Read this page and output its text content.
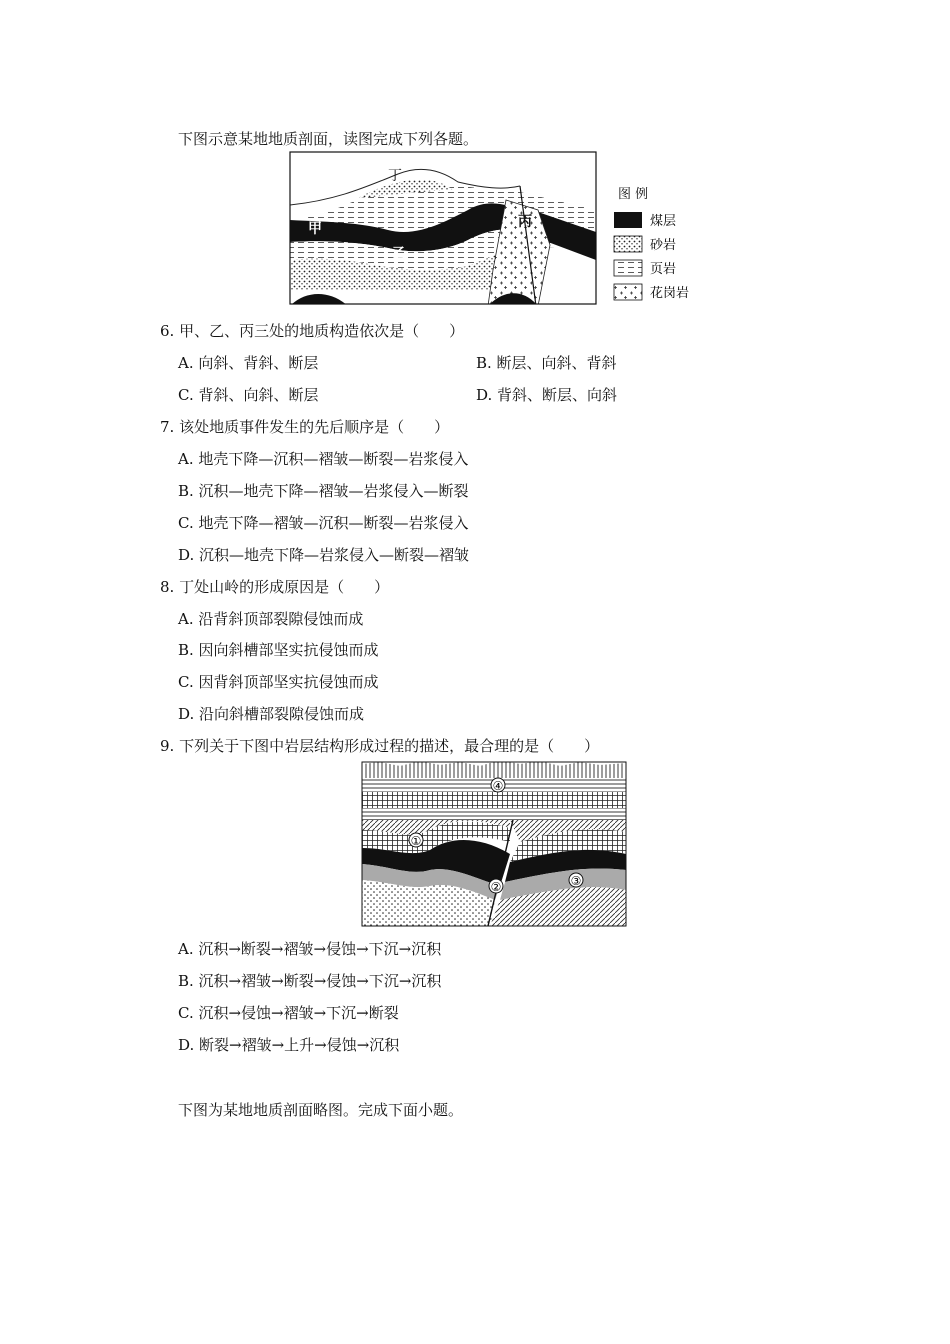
下图示意某地地质剖面，读图完成下列各题。
甲
乙
丙
丁
图 例
煤层
砂岩
页岩
花岗岩
6. 甲、乙、丙三处的地质构造依次是（　　）
A. 向斜、背斜、断层	B. 断层、向斜、背斜
C. 背斜、向斜、断层	D. 背斜、断层、向斜
7. 该处地质事件发生的先后顺序是（　　）
A. 地壳下降—沉积—褶皱—断裂—岩浆侵入
B. 沉积—地壳下降—褶皱—岩浆侵入—断裂
C. 地壳下降—褶皱—沉积—断裂—岩浆侵入
D. 沉积—地壳下降—岩浆侵入—断裂—褶皱
8. 丁处山岭的形成原因是（　　）
A. 沿背斜顶部裂隙侵蚀而成
B. 因向斜槽部坚实抗侵蚀而成
C. 因背斜顶部坚实抗侵蚀而成
D. 沿向斜槽部裂隙侵蚀而成
9. 下列关于下图中岩层结构形成过程的描述，最合理的是（　　）
④
①
②	③
A. 沉积→断裂→褶皱→侵蚀→下沉→沉积
B. 沉积→褶皱→断裂→侵蚀→下沉→沉积
C. 沉积→侵蚀→褶皱→下沉→断裂
D. 断裂→褶皱→上升→侵蚀→沉积
下图为某地地质剖面略图。完成下面小题。
